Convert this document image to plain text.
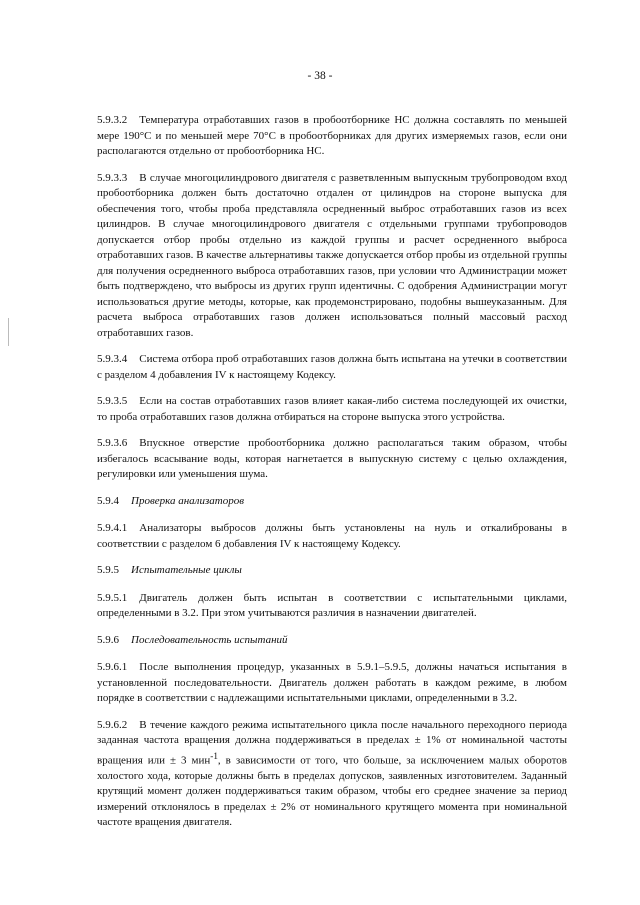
- 38 -

5.9.3.2 Температура отработавших газов в пробоотборнике НС должна составлять по меньшей мере 190°С и по меньшей мере 70°С в пробоотборниках для других измеряемых газов, если они располагаются отдельно от пробоотборника НС.

5.9.3.3 В случае многоцилиндрового двигателя с разветвленным выпускным трубопроводом вход пробоотборника должен быть достаточно отдален от цилиндров на стороне выпуска для обеспечения того, чтобы проба представляла осредненный выброс отработавших газов из всех цилиндров. В случае многоцилиндрового двигателя с отдельными группами трубопроводов допускается отбор пробы отдельно из каждой группы и расчет осредненного выброса отработавших газов. В качестве альтернативы также допускается отбор пробы из отдельной группы для получения осредненного выброса отработавших газов, при условии что Администрации может быть подтверждено, что выбросы из других групп идентичны. С одобрения Администрации могут использоваться другие методы, которые, как продемонстрировано, подобны вышеуказанным. Для расчета выброса отработавших газов должен использоваться полный массовый расход отработавших газов.

5.9.3.4 Система отбора проб отработавших газов должна быть испытана на утечки в соответствии с разделом 4 добавления IV к настоящему Кодексу.

5.9.3.5 Если на состав отработавших газов влияет какая-либо система последующей их очистки, то проба отработавших газов должна отбираться на стороне выпуска этого устройства.

5.9.3.6 Впускное отверстие пробоотборника должно располагаться таким образом, чтобы избегалось всасывание воды, которая нагнетается в выпускную систему с целью охлаждения, регулировки или уменьшения шума.

5.9.4 Проверка анализаторов

5.9.4.1 Анализаторы выбросов должны быть установлены на нуль и откалиброваны в соответствии с разделом 6 добавления IV к настоящему Кодексу.

5.9.5 Испытательные циклы

5.9.5.1 Двигатель должен быть испытан в соответствии с испытательными циклами, определенными в 3.2. При этом учитываются различия в назначении двигателей.

5.9.6 Последовательность испытаний

5.9.6.1 После выполнения процедур, указанных в 5.9.1–5.9.5, должны начаться испытания в установленной последовательности. Двигатель должен работать в каждом режиме, в любом порядке в соответствии с надлежащими испытательными циклами, определенными в 3.2.

5.9.6.2 В течение каждого режима испытательного цикла после начального переходного периода заданная частота вращения должна поддерживаться в пределах ± 1% от номинальной частоты вращения или ± 3 мин$^{-1}$, в зависимости от того, что больше, за исключением малых оборотов холостого хода, которые должны быть в пределах допусков, заявленных изготовителем. Заданный крутящий момент должен поддерживаться таким образом, чтобы его среднее значение за период измерений отклонялось в пределах ± 2% от номинального крутящего момента при номинальной частоте вращения двигателя.
